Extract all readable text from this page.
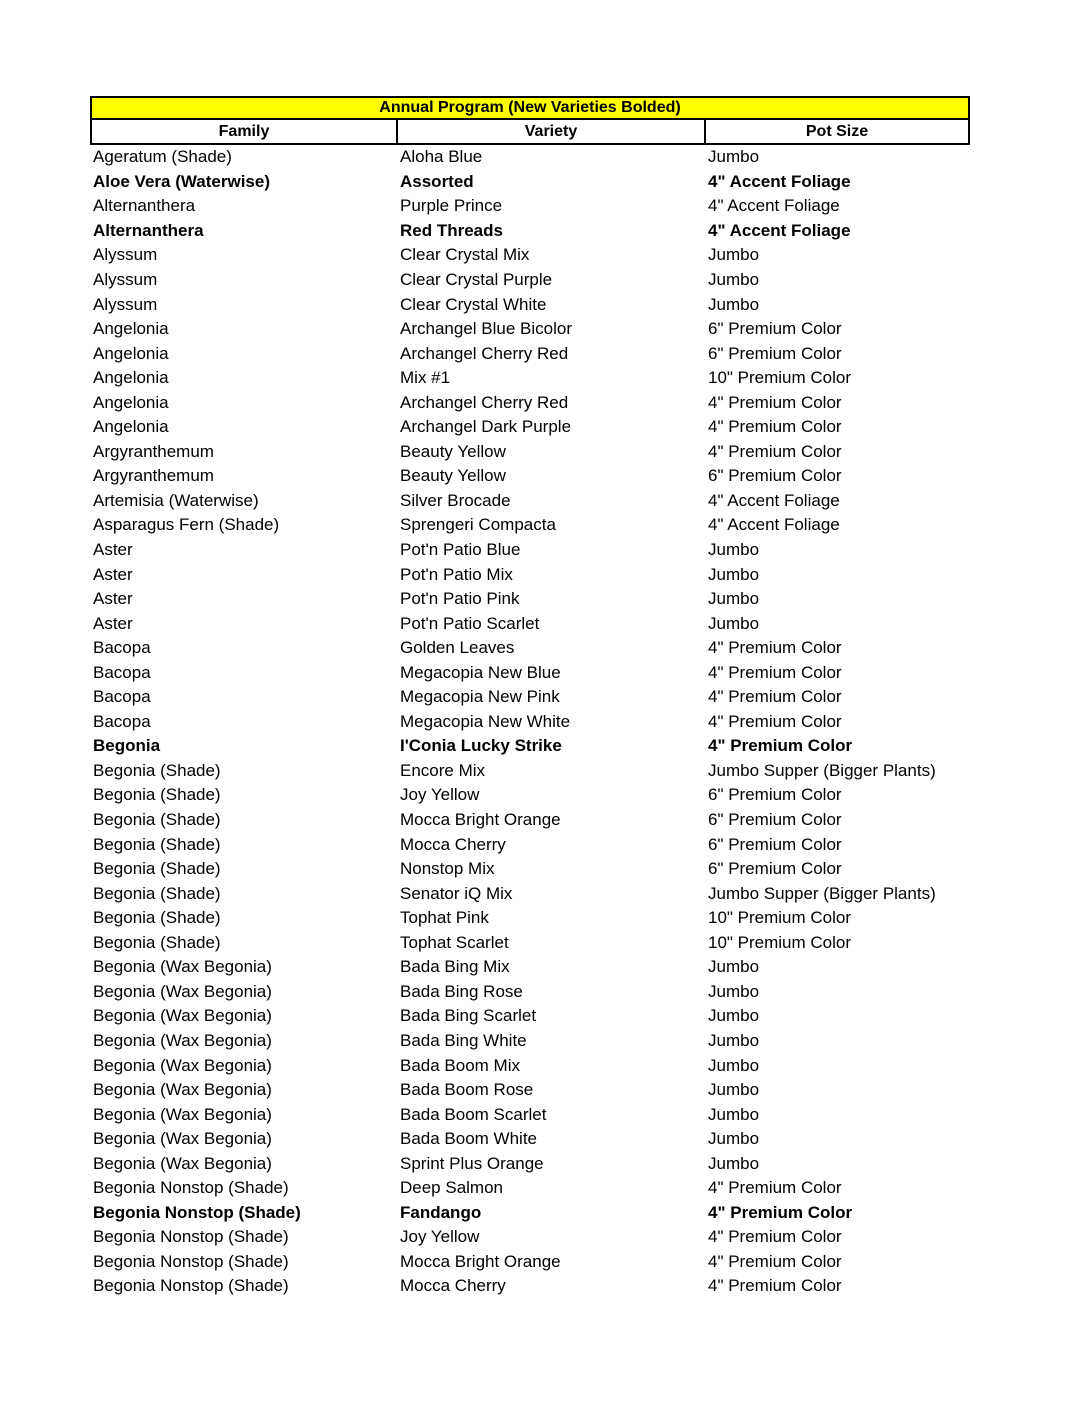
Annual Program (New Varieties Bolded)
Family	Variety	Pot Size
Ageratum (Shade)	Aloha Blue	Jumbo
Aloe Vera (Waterwise)	Assorted	4" Accent Foliage
Alternanthera	Purple Prince	4" Accent Foliage
Alternanthera	Red Threads	4" Accent Foliage
Alyssum	Clear Crystal Mix	Jumbo
Alyssum	Clear Crystal Purple	Jumbo
Alyssum	Clear Crystal White	Jumbo
Angelonia	Archangel Blue Bicolor	6" Premium Color
Angelonia	Archangel Cherry Red	6" Premium Color
Angelonia	Mix #1	10" Premium Color
Angelonia	Archangel Cherry Red	4" Premium Color
Angelonia	Archangel Dark Purple	4" Premium Color
Argyranthemum	Beauty Yellow	4" Premium Color
Argyranthemum	Beauty Yellow	6" Premium Color
Artemisia (Waterwise)	Silver Brocade	4" Accent Foliage
Asparagus Fern (Shade)	Sprengeri Compacta	4" Accent Foliage
Aster	Pot'n Patio Blue	Jumbo
Aster	Pot'n Patio Mix	Jumbo
Aster	Pot'n Patio Pink	Jumbo
Aster	Pot'n Patio Scarlet	Jumbo
Bacopa	Golden Leaves	4" Premium Color
Bacopa	Megacopia New Blue	4" Premium Color
Bacopa	Megacopia New Pink	4" Premium Color
Bacopa	Megacopia New White	4" Premium Color
Begonia	I'Conia Lucky Strike	4" Premium Color
Begonia (Shade)	Encore Mix	Jumbo Supper (Bigger Plants)
Begonia (Shade)	Joy Yellow	6" Premium Color
Begonia (Shade)	Mocca Bright Orange	6" Premium Color
Begonia (Shade)	Mocca Cherry	6" Premium Color
Begonia (Shade)	Nonstop Mix	6" Premium Color
Begonia (Shade)	Senator iQ Mix	Jumbo Supper (Bigger Plants)
Begonia (Shade)	Tophat Pink	10" Premium Color
Begonia (Shade)	Tophat Scarlet	10" Premium Color
Begonia (Wax Begonia)	Bada Bing Mix	Jumbo
Begonia (Wax Begonia)	Bada Bing Rose	Jumbo
Begonia (Wax Begonia)	Bada Bing Scarlet	Jumbo
Begonia (Wax Begonia)	Bada Bing White	Jumbo
Begonia (Wax Begonia)	Bada Boom Mix	Jumbo
Begonia (Wax Begonia)	Bada Boom Rose	Jumbo
Begonia (Wax Begonia)	Bada Boom Scarlet	Jumbo
Begonia (Wax Begonia)	Bada Boom White	Jumbo
Begonia (Wax Begonia)	Sprint Plus Orange	Jumbo
Begonia Nonstop (Shade)	Deep Salmon	4" Premium Color
Begonia Nonstop (Shade)	Fandango	4" Premium Color
Begonia Nonstop (Shade)	Joy Yellow	4" Premium Color
Begonia Nonstop (Shade)	Mocca Bright Orange	4" Premium Color
Begonia Nonstop (Shade)	Mocca Cherry	4" Premium Color
